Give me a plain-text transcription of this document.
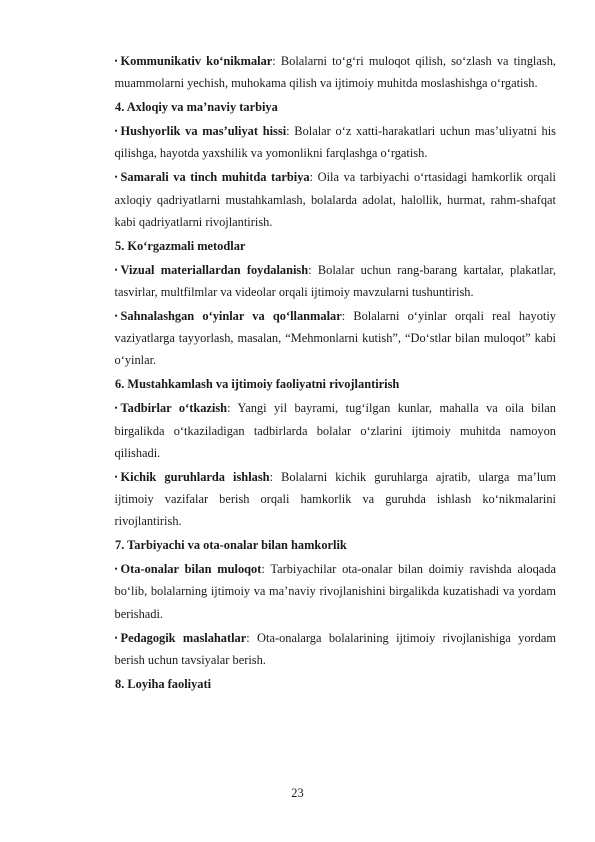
• Kommunikativ ko‘nikmalar: Bolalarni to‘g‘ri muloqot qilish, so‘zlash va tinglash, muammolarni yechish, muhokama qilish va ijtimoiy muhitda moslashishga o‘rgatish.

4. Axloqiy va ma’naviy tarbiya

• Hushyorlik va mas’uliyat hissi: Bolalar o‘z xatti-harakatlari uchun mas’uliyatni his qilishga, hayotda yaxshilik va yomonlikni farqlashga o‘rgatish.

• Samarali va tinch muhitda tarbiya: Oila va tarbiyachi o‘rtasidagi hamkorlik orqali axloqiy qadriyatlarni mustahkamlash, bolalarda adolat, halollik, hurmat, rahm-shafqat kabi qadriyatlarni rivojlantirish.

5. Ko‘rgazmali metodlar

• Vizual materiallardan foydalanish: Bolalar uchun rang-barang kartalar, plakatlar, tasvirlar, multfilmlar va videolar orqali ijtimoiy mavzularni tushuntirish.

• Sahnalashgan o‘yinlar va qo‘llanmalar: Bolalarni o‘yinlar orqali real hayotiy vaziyatlarga tayyorlash, masalan, “Mehmonlarni kutish”, “Do‘stlar bilan muloqot” kabi o‘yinlar.

6. Mustahkamlash va ijtimoiy faoliyatni rivojlantirish

• Tadbirlar o‘tkazish: Yangi yil bayrami, tug‘ilgan kunlar, mahalla va oila bilan birgalikda o‘tkaziladigan tadbirlarda bolalar o‘zlarini ijtimoiy muhitda namoyon qilishadi.

• Kichik guruhlarda ishlash: Bolalarni kichik guruhlarga ajratib, ularga ma’lum ijtimoiy vazifalar berish orqali hamkorlik va guruhda ishlash ko‘nikmalarini rivojlantirish.

7. Tarbiyachi va ota-onalar bilan hamkorlik

• Ota-onalar bilan muloqot: Tarbiyachilar ota-onalar bilan doimiy ravishda aloqada bo‘lib, bolalarning ijtimoiy va ma’naviy rivojlanishini birgalikda kuzatishadi va yordam berishadi.

• Pedagogik maslahatlar: Ota-onalarga bolalarining ijtimoiy rivojlanishiga yordam berish uchun tavsiyalar berish.

8. Loyiha faoliyati
23
